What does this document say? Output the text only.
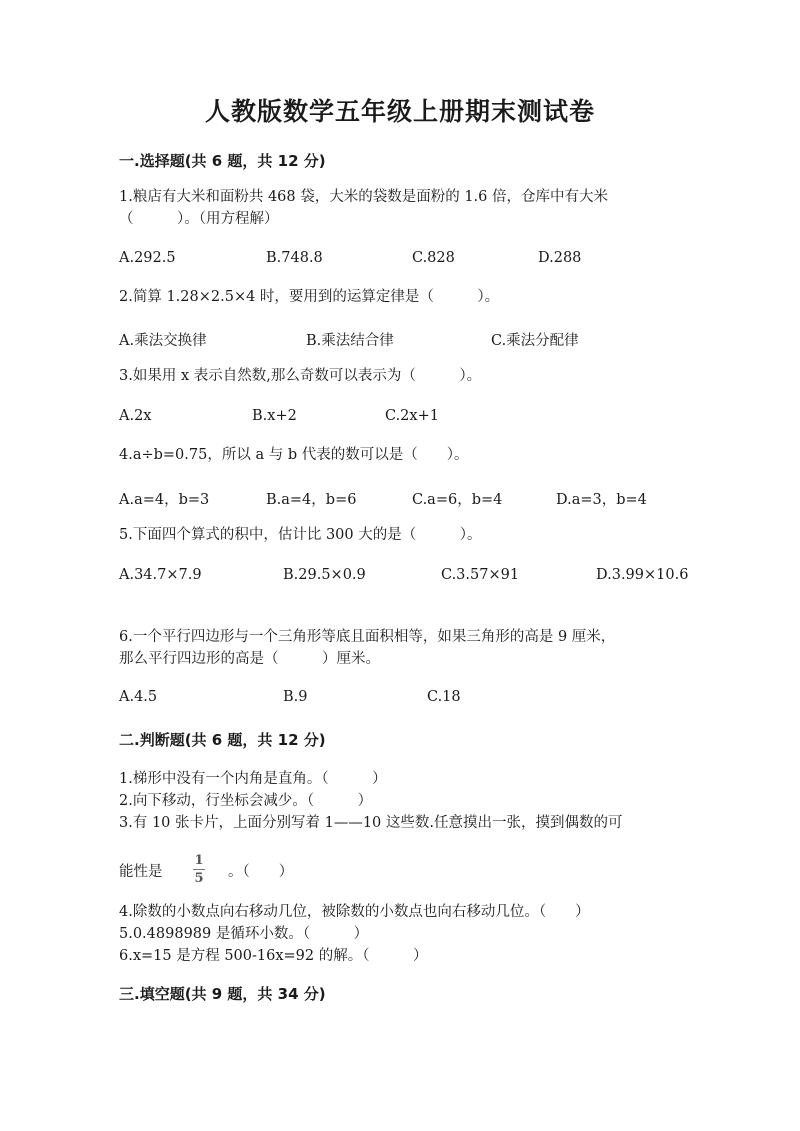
人教版数学五年级上册期末测试卷
一.选择题(共 6 题，共 12 分)
1.粮店有大米和面粉共 468 袋，大米的袋数是面粉的 1.6 倍，仓库中有大米
（　　　）。（用方程解）
A.292.5	B.748.8	C.828	D.288
2.简算 1.28×2.5×4 时，要用到的运算定律是（　　　）。
A.乘法交换律	B.乘法结合律	C.乘法分配律
3.如果用 x 表示自然数,那么奇数可以表示为（　　　）。
A.2x	B.x+2	C.2x+1
4.a÷b=0.75，所以 a 与 b 代表的数可以是（　　）。
A.a=4，b=3	B.a=4，b=6	C.a=6，b=4	D.a=3，b=4
5.下面四个算式的积中，估计比 300 大的是（　　　）。
A.34.7×7.9	B.29.5×0.9	C.3.57×91	D.3.99×10.6
6.一个平行四边形与一个三角形等底且面积相等，如果三角形的高是 9 厘米，
那么平行四边形的高是（　　　）厘米。
A.4.5	B.9	C.18
二.判断题(共 6 题，共 12 分)
1.梯形中没有一个内角是直角。（　　　）
2.向下移动，行坐标会减少。（　　　）
3.有 10 张卡片，上面分别写着 1——10 这些数.任意摸出一张，摸到偶数的可
能性是
1
5	。（　　）
4.除数的小数点向右移动几位，被除数的小数点也向右移动几位。（　　）
5.0.4898989 是循环小数。（　　　）
6.x=15 是方程 500-16x=92 的解。（　　　）
三.填空题(共 9 题，共 34 分)
